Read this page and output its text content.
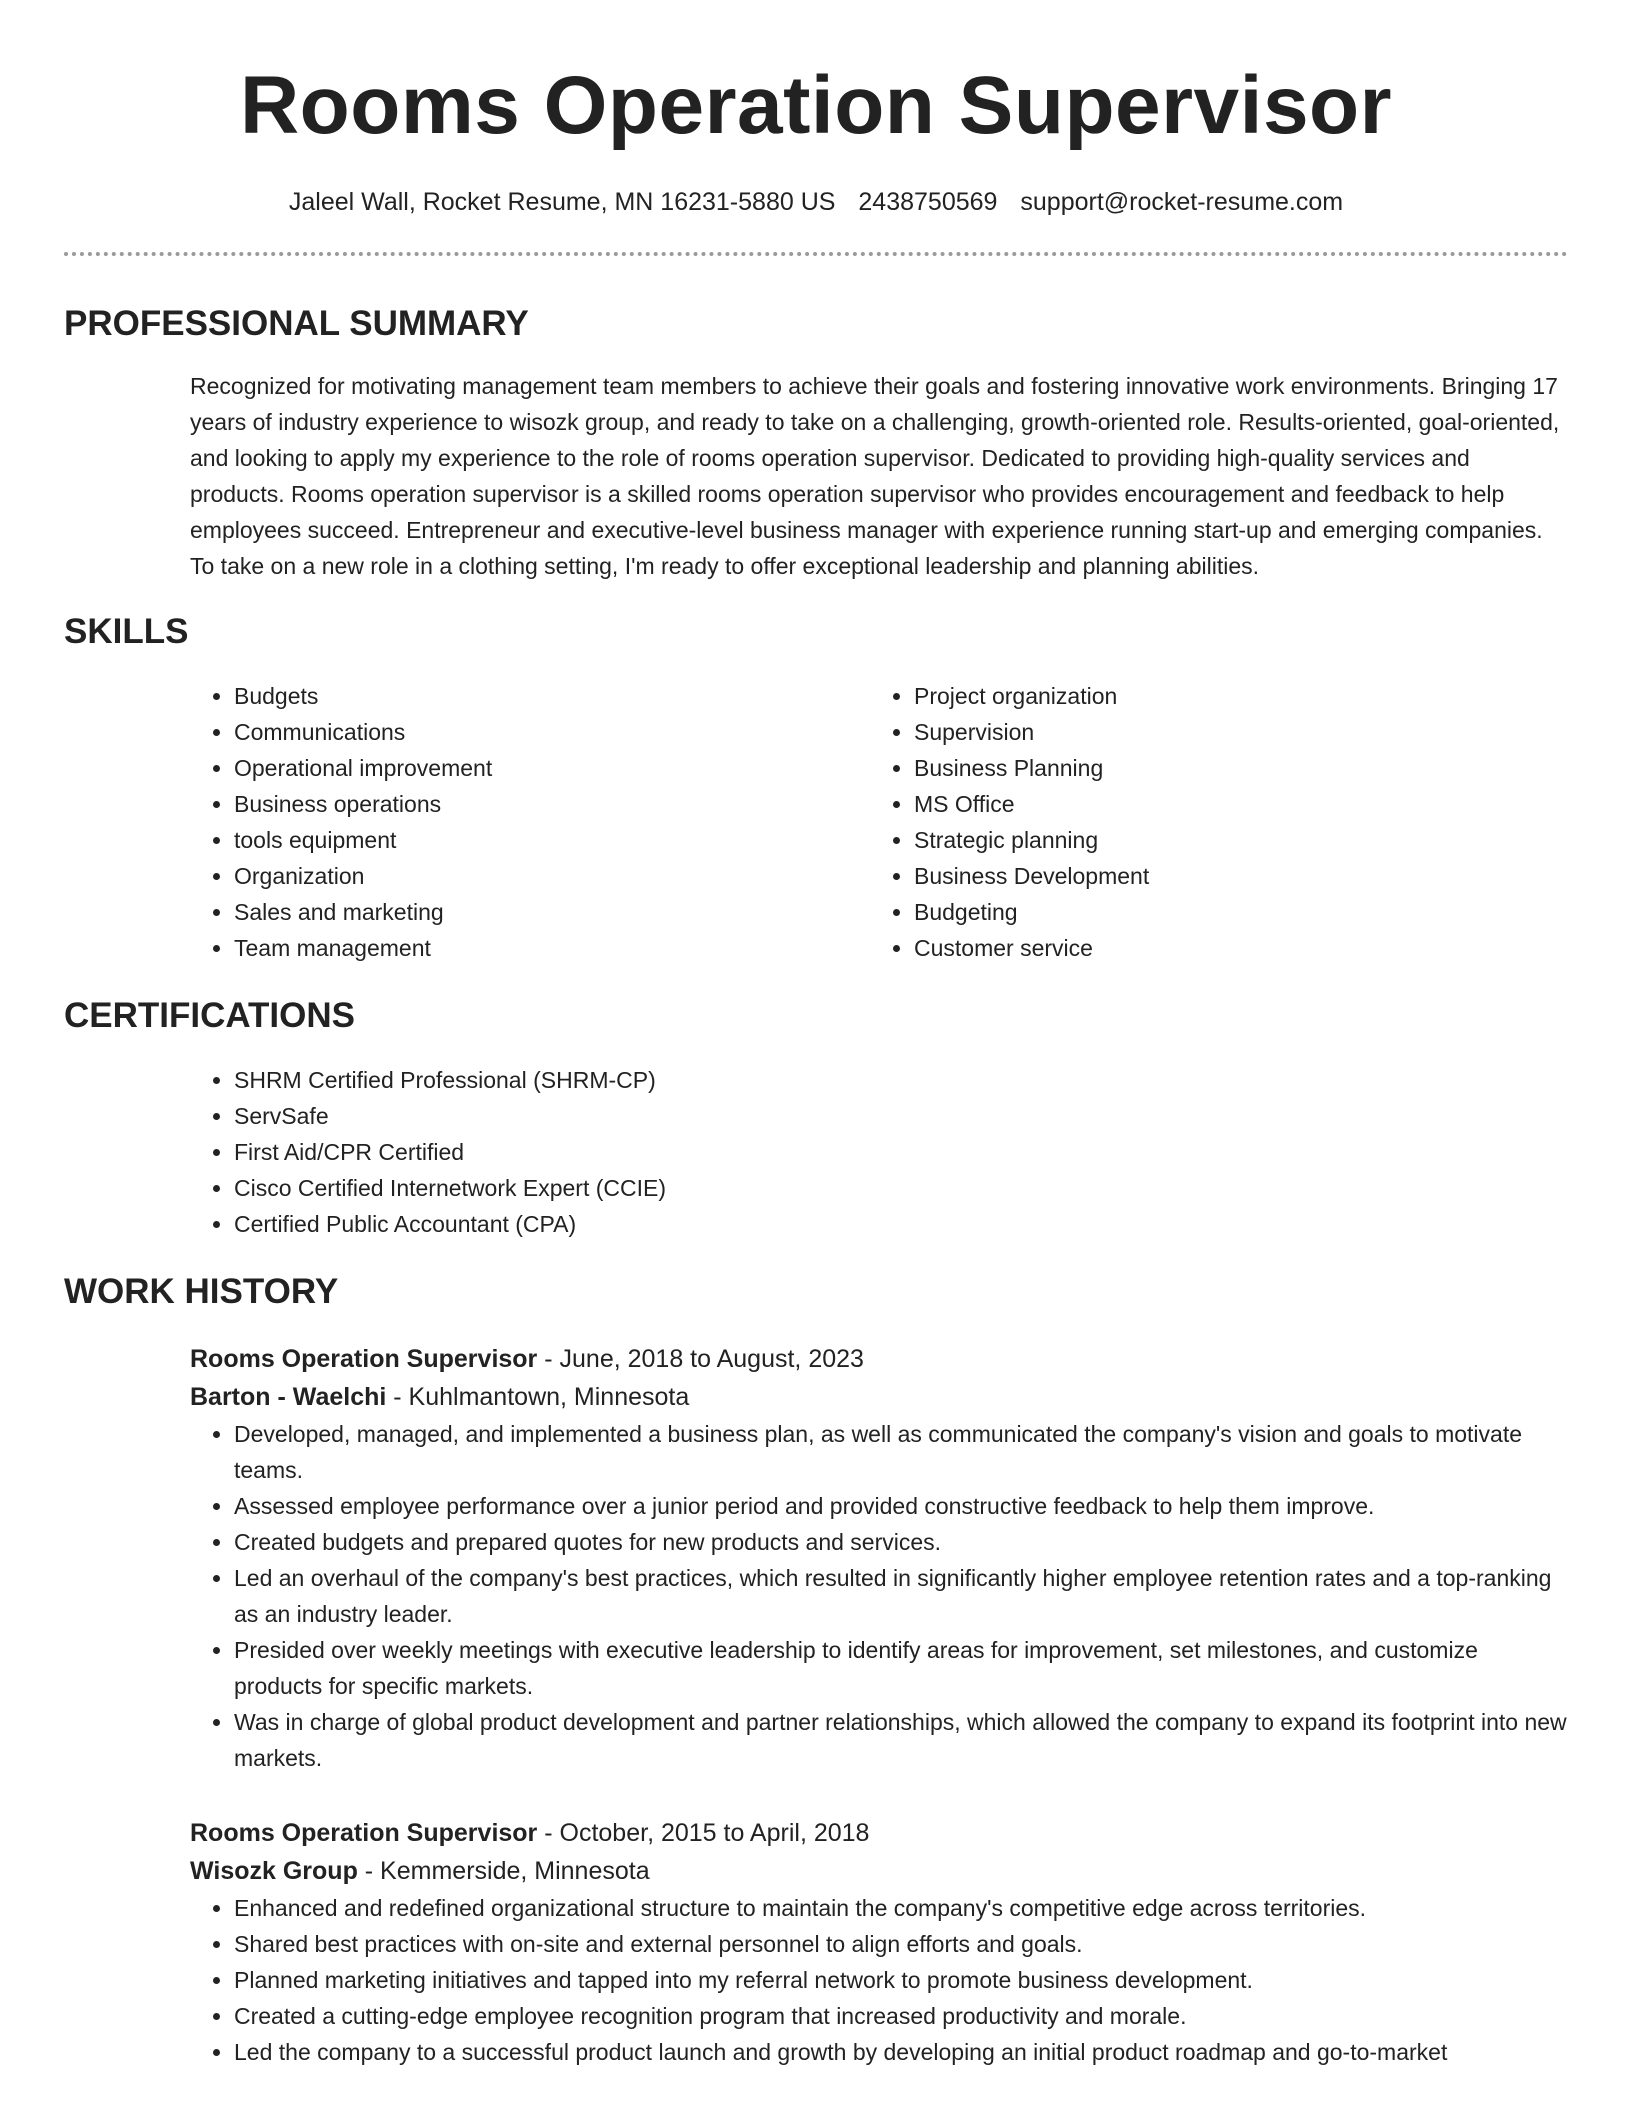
Rooms Operation Supervisor
Jaleel Wall, Rocket Resume, MN 16231-5880 US 2438750569 support@rocket-resume.com
PROFESSIONAL SUMMARY
Recognized for motivating management team members to achieve their goals and fostering innovative work environments. Bringing 17 years of industry experience to wisozk group, and ready to take on a challenging, growth-oriented role. Results-oriented, goal-oriented, and looking to apply my experience to the role of rooms operation supervisor. Dedicated to providing high-quality services and products. Rooms operation supervisor is a skilled rooms operation supervisor who provides encouragement and feedback to help employees succeed. Entrepreneur and executive-level business manager with experience running start-up and emerging companies. To take on a new role in a clothing setting, I'm ready to offer exceptional leadership and planning abilities.
SKILLS
• Budgets
• Communications
• Operational improvement
• Business operations
• tools equipment
• Organization
• Sales and marketing
• Team management
• Project organization
• Supervision
• Business Planning
• MS Office
• Strategic planning
• Business Development
• Budgeting
• Customer service
CERTIFICATIONS
• SHRM Certified Professional (SHRM-CP)
• ServSafe
• First Aid/CPR Certified
• Cisco Certified Internetwork Expert (CCIE)
• Certified Public Accountant (CPA)
WORK HISTORY
Rooms Operation Supervisor - June, 2018 to August, 2023
Barton - Waelchi - Kuhlmantown, Minnesota
• Developed, managed, and implemented a business plan, as well as communicated the company's vision and goals to motivate teams.
• Assessed employee performance over a junior period and provided constructive feedback to help them improve.
• Created budgets and prepared quotes for new products and services.
• Led an overhaul of the company's best practices, which resulted in significantly higher employee retention rates and a top-ranking as an industry leader.
• Presided over weekly meetings with executive leadership to identify areas for improvement, set milestones, and customize products for specific markets.
• Was in charge of global product development and partner relationships, which allowed the company to expand its footprint into new markets.
Rooms Operation Supervisor - October, 2015 to April, 2018
Wisozk Group - Kemmerside, Minnesota
• Enhanced and redefined organizational structure to maintain the company's competitive edge across territories.
• Shared best practices with on-site and external personnel to align efforts and goals.
• Planned marketing initiatives and tapped into my referral network to promote business development.
• Created a cutting-edge employee recognition program that increased productivity and morale.
• Led the company to a successful product launch and growth by developing an initial product roadmap and go-to-market
